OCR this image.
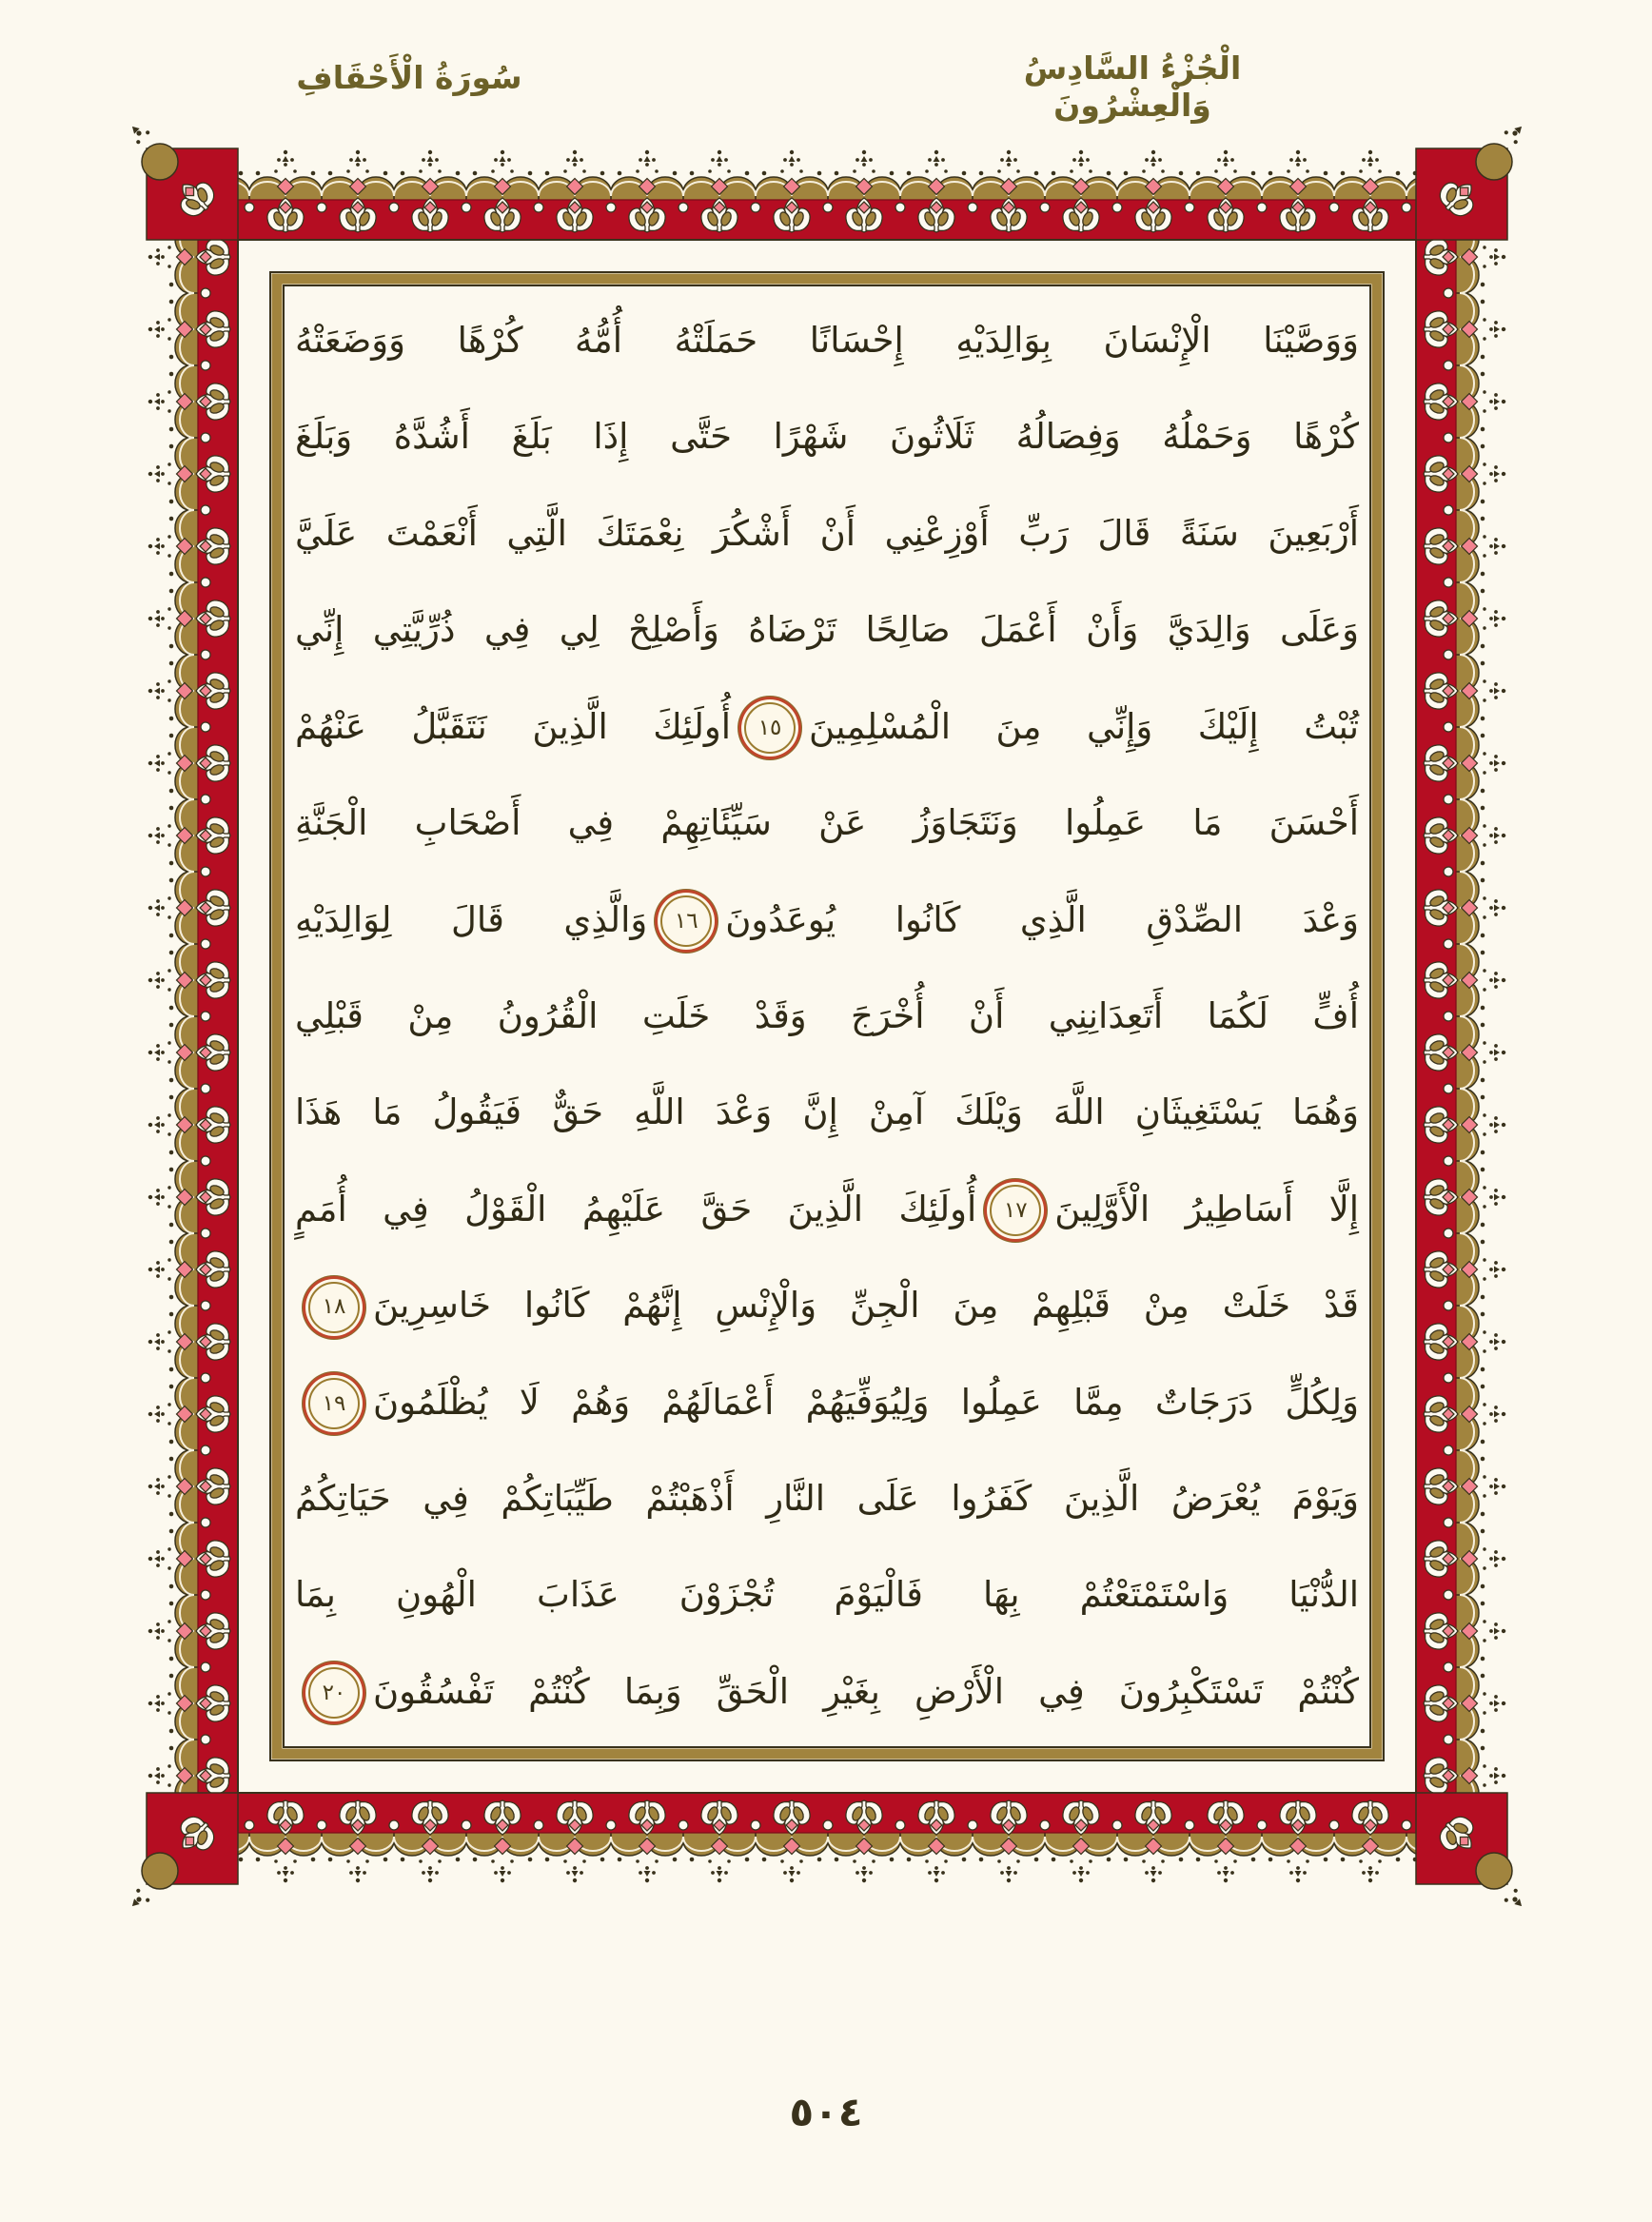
سُورَةُ الْأَحْقَافِ	الْجُزْءُ السَّادِسُ وَالْعِشْرُونَ
وَوَصَّيْنَا الْإِنْسَانَ بِوَالِدَيْهِ إِحْسَانًا حَمَلَتْهُ أُمُّهُ كُرْهًا وَوَضَعَتْهُ
كُرْهًا وَحَمْلُهُ وَفِصَالُهُ ثَلَاثُونَ شَهْرًا حَتَّى إِذَا بَلَغَ أَشُدَّهُ وَبَلَغَ
أَرْبَعِينَ سَنَةً قَالَ رَبِّ أَوْزِعْنِي أَنْ أَشْكُرَ نِعْمَتَكَ الَّتِي أَنْعَمْتَ عَلَيَّ
وَعَلَى وَالِدَيَّ وَأَنْ أَعْمَلَ صَالِحًا تَرْضَاهُ وَأَصْلِحْ لِي فِي ذُرِّيَّتِي إِنِّي
تُبْتُ إِلَيْكَ وَإِنِّي مِنَ الْمُسْلِمِينَ١٥أُولَئِكَ الَّذِينَ نَتَقَبَّلُ عَنْهُمْ
أَحْسَنَ مَا عَمِلُوا وَنَتَجَاوَزُ عَنْ سَيِّئَاتِهِمْ فِي أَصْحَابِ الْجَنَّةِ
وَعْدَ الصِّدْقِ الَّذِي كَانُوا يُوعَدُونَ١٦وَالَّذِي قَالَ لِوَالِدَيْهِ
أُفٍّ لَكُمَا أَتَعِدَانِنِي أَنْ أُخْرَجَ وَقَدْ خَلَتِ الْقُرُونُ مِنْ قَبْلِي
وَهُمَا يَسْتَغِيثَانِ اللَّهَ وَيْلَكَ آمِنْ إِنَّ وَعْدَ اللَّهِ حَقٌّ فَيَقُولُ مَا هَذَا
إِلَّا أَسَاطِيرُ الْأَوَّلِينَ١٧أُولَئِكَ الَّذِينَ حَقَّ عَلَيْهِمُ الْقَوْلُ فِي أُمَمٍ
قَدْ خَلَتْ مِنْ قَبْلِهِمْ مِنَ الْجِنِّ وَالْإِنْسِ إِنَّهُمْ كَانُوا خَاسِرِينَ١٨
وَلِكُلٍّ دَرَجَاتٌ مِمَّا عَمِلُوا وَلِيُوَفِّيَهُمْ أَعْمَالَهُمْ وَهُمْ لَا يُظْلَمُونَ١٩
وَيَوْمَ يُعْرَضُ الَّذِينَ كَفَرُوا عَلَى النَّارِ أَذْهَبْتُمْ طَيِّبَاتِكُمْ فِي حَيَاتِكُمُ
الدُّنْيَا وَاسْتَمْتَعْتُمْ بِهَا فَالْيَوْمَ تُجْزَوْنَ عَذَابَ الْهُونِ بِمَا
كُنْتُمْ تَسْتَكْبِرُونَ فِي الْأَرْضِ بِغَيْرِ الْحَقِّ وَبِمَا كُنْتُمْ تَفْسُقُونَ٢٠
٥٠٤
